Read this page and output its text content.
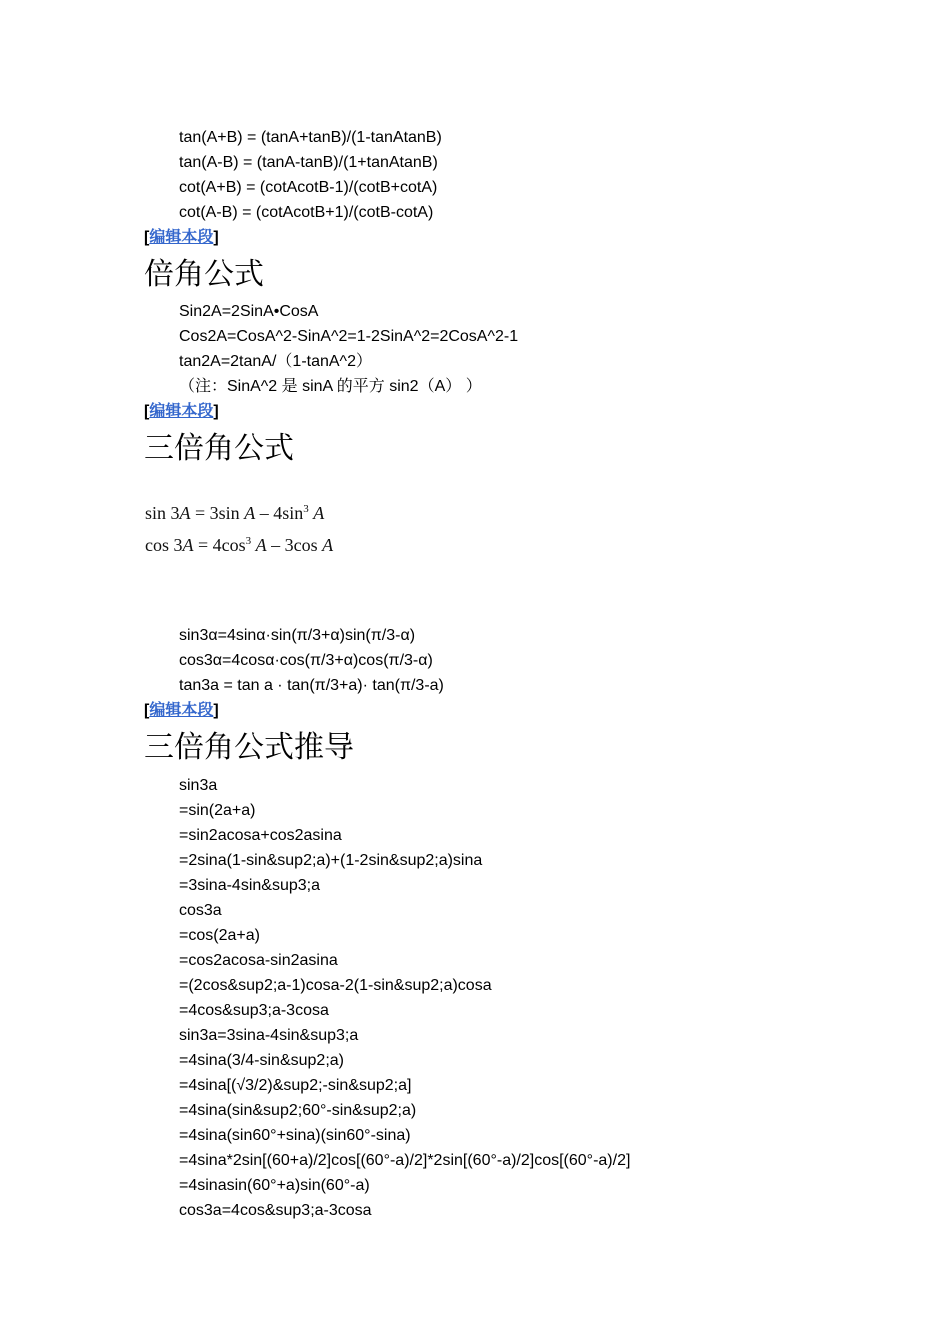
tan(A+B) = (tanA+tanB)/(1-tanAtanB)
tan(A-B) = (tanA-tanB)/(1+tanAtanB)
cot(A+B) = (cotAcotB-1)/(cotB+cotA)
cot(A-B) = (cotAcotB+1)/(cotB-cotA)
[编辑本段]
倍角公式
Sin2A=2SinA•CosA
Cos2A=CosA^2-SinA^2=1-2SinA^2=2CosA^2-1
tan2A=2tanA/（1-tanA^2）
（注：SinA^2 是 sinA 的平方 sin2（A） ）
[编辑本段]
三倍角公式
sin 3A = 3sin A – $4\sin^3$ A
$\cos 3A = 4\cos^3$ A – 3cos A
sin3α=4sinα·sin(π/3+α)sin(π/3-α)
cos3α=4cosα·cos(π/3+α)cos(π/3-α)
tan3a = tan a · tan(π/3+a)· tan(π/3-a)
[编辑本段]
三倍角公式推导
sin3a
=sin(2a+a)
=sin2acosa+cos2asina
=2sina(1-sin&sup2;a)+(1-2sin&sup2;a)sina
=3sina-4sin&sup3;a
cos3a
=cos(2a+a)
=cos2acosa-sin2asina
=(2cos&sup2;a-1)cosa-2(1-sin&sup2;a)cosa
=4cos&sup3;a-3cosa
sin3a=3sina-4sin&sup3;a
=4sina(3/4-sin&sup2;a)
=4sina[(√3/2)&sup2;-sin&sup2;a]
=4sina(sin&sup2;60°-sin&sup2;a)
=4sina(sin60°+sina)(sin60°-sina)
=4sina*2sin[(60+a)/2]cos[(60°-a)/2]*2sin[(60°-a)/2]cos[(60°-a)/2]
=4sinasin(60°+a)sin(60°-a)
cos3a=4cos&sup3;a-3cosa
